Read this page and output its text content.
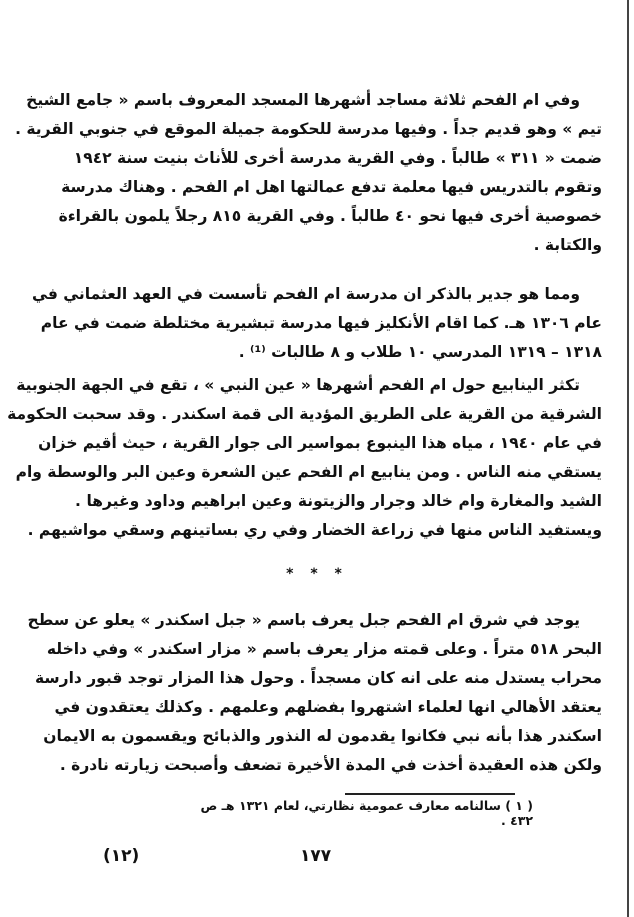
وفي ام الفحم ثلاثة مساجد أشهرها المسجد المعروف باسم « جامع الشيخ
تيم » وهو قديم جداً . وفيها مدرسة للحكومة جميلة الموقع في جنوبي القرية .
ضمت « ٣١١ » طالباً . وفي القرية مدرسة أخرى للأناث بنيت سنة ١٩٤٢
وتقوم بالتدريس فيها معلمة تدفع عمالتها اهل ام الفحم . وهناك مدرسة
خصوصية أخرى فيها نحو ٤٠ طالباً . وفي القرية ٨١٥ رجلاً يلمون بالقراءة
والكتابة .
ومما هو جدير بالذكر ان مدرسة ام الفحم تأسست في العهد العثماني في
عام ١٣٠٦ هـ. كما اقام الأنكليز فيها مدرسة تبشيرية مختلطة ضمت في عام
١٣١٨ – ١٣١٩ المدرسي ١٠ طلاب و ٨ طالبات ⁽¹⁾ .
تكثر الينابيع حول ام الفحم أشهرها « عين النبي » ، تقع في الجهة الجنوبية
الشرقية من القرية على الطريق المؤدية الى قمة اسكندر . وقد سحبت الحكومة
في عام ١٩٤٠ ، مياه هذا الينبوع بمواسير الى جوار القرية ، حيث أقيم خزان
يستقي منه الناس . ومن ينابيع ام الفحم عين الشعرة وعين البر والوسطة وام
الشيد والمغارة وام خالد وجرار والزيتونة وعين ابراهيم وداود وغيرها .
ويستفيد الناس منها في زراعة الخضار وفي ري بساتينهم وسقي مواشيهم .
يوجد في شرق ام الفحم جبل يعرف باسم « جبل اسكندر » يعلو عن سطح
البحر ٥١٨ متراً . وعلى قمته مزار يعرف باسم « مزار اسكندر » وفي داخله
محراب يستدل منه على انه كان مسجداً . وحول هذا المزار توجد قبور دارسة
يعتقد الأهالي انها لعلماء اشتهروا بفضلهم وعلمهم . وكذلك يعتقدون في
اسكندر هذا بأنه نبي فكانوا يقدمون له النذور والذبائح ويقسمون به الايمان
ولكن هذه العقيدة أخذت في المدة الأخيرة تضعف وأصبحت زيارته نادرة .
* * *
( ١ ) سالنامه معارف عمومية نظارتي، لعام ١٣٢١ هـ ص ٤٣٢ .
١٧٧
(١٢)
